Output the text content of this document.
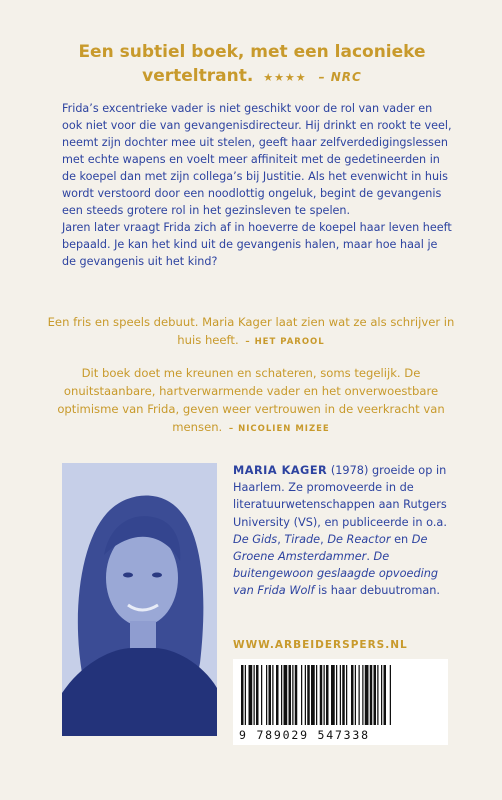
Een subtiel boek, met een laconieke verteltrant. ★★★★ – NRC

Frida’s excentrieke vader is niet geschikt voor de rol van vader en ook niet voor die van gevangenisdirecteur. Hij drinkt en rookt te veel, neemt zijn dochter mee uit stelen, geeft haar zelfverdedigingslessen met echte wapens en voelt meer affiniteit met de gedetineerden in de koepel dan met zijn collega’s bij Justitie. Als het evenwicht in huis wordt verstoord door een noodlottig ongeluk, begint de gevangenis een steeds grotere rol in het gezinsleven te spelen.

Jaren later vraagt Frida zich af in hoeverre de koepel haar leven heeft bepaald. Je kan het kind uit de gevangenis halen, maar hoe haal je de gevangenis uit het kind?

Een fris en speels debuut. Maria Kager laat zien wat ze als schrijver in huis heeft. – HET PAROOL
Dit boek doet me kreunen en schateren, soms tegelijk. De onuitstaanbare, hartverwarmende vader en het onverwoestbare optimisme van Frida, geven weer vertrouwen in de veerkracht van mensen. – NICOLIEN MIZEE
MARIA KAGER (1978) groeide op in Haarlem. Ze promoveerde in de literatuurwetenschappen aan Rutgers University (VS), en publiceerde in o.a. De Gids, Tirade, De Reactor en De Groene Amsterdammer. De buitengewoon geslaagde opvoeding van Frida Wolf is haar debuutroman.
WWW.ARBEIDERSPERS.NL
9 789029 547338
